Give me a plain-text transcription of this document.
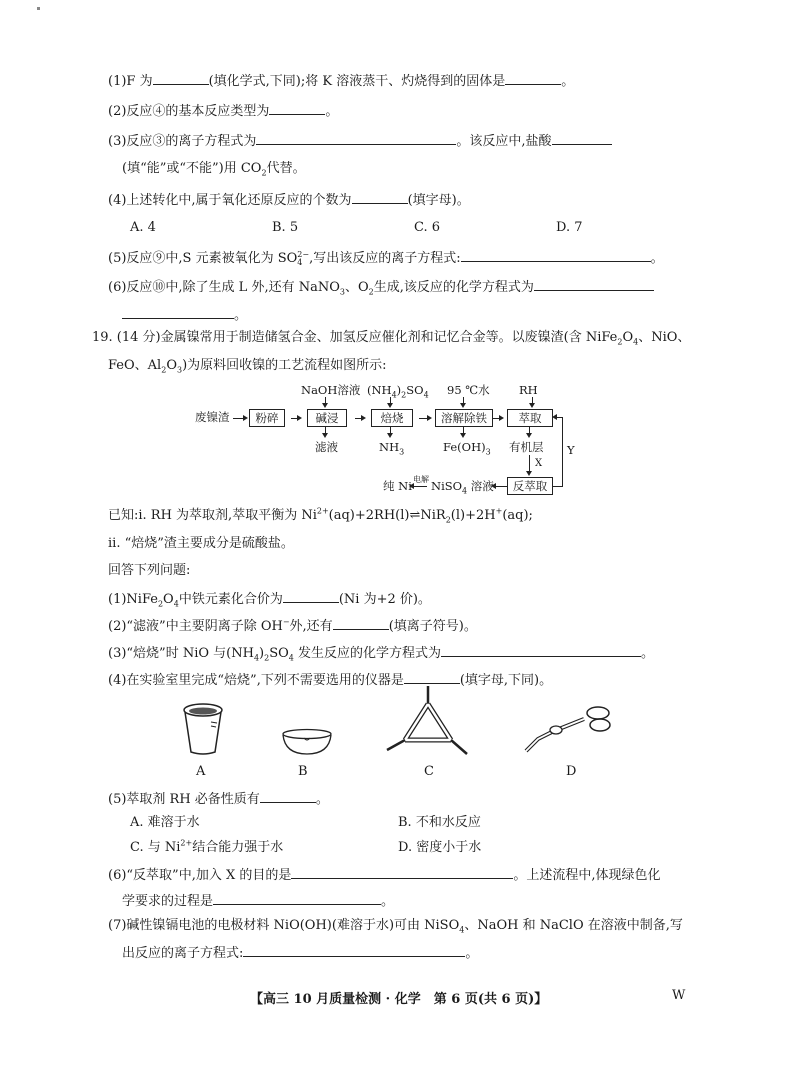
(1)F 为	(填化学式,下同);将 K 溶液蒸干、灼烧得到的固体是	。
(2)反应④的基本反应类型为	。
(3)反应③的离子方程式为	。该反应中,盐酸
(填“能”或“不能”)用 $CO_2$代替。
(4)上述转化中,属于氧化还原反应的个数为	(填字母)。
A. 4	B. 5	C. 6	D. 7
(5)反应⑨中,S 元素被氧化为 SO 2−
4 ,写出该反应的离子方程式:	。
(6)反应⑩中,除了生成 L 外,还有 NaNO$_3$、$O_2$生成,该反应的化学方程式为
。
19. (14 分)金属镍常用于制造储氢合金、加氢反应催化剂和记忆合金等。以废镍渣(含 $NiFe_2O_4$、NiO、
FeO、$Al_2O_3$)为原料回收镍的工艺流程如图所示:
NaOH溶液 $(NH_4)_2SO_4$ 95 ℃水	RH
废镍渣	粉碎	碱浸	焙烧	溶解除铁	萃取
滤液	$NH_3$	$Fe(OH)_3$ 有机层
X
反萃取
Y
NiSO$_4$ 溶液
电解
纯 Ni
已知:ⅰ. RH 为萃取剂,萃取平衡为 $Ni^{2+}(aq)+2RH(l)\rightleftharpoons NiR_2(l)+2H^+(aq)$;
ⅱ. “焙烧”渣主要成分是硫酸盐。
回答下列问题:
$(1)NiFe_2O_4$中铁元素化合价为	(Ni 为+2 价)。
(2)“滤液”中主要阴离子除 OH−外,还有	(填离子符号)。
(3)“焙烧”时 NiO 与$(NH_4)_2SO_4$ 发生反应的化学方程式为	。
(4)在实验室里完成“焙烧”,下列不需要选用的仪器是	(填字母,下同)。
A	B	C	D
(5)萃取剂 RH 必备性质有	。
A. 难溶于水	B. 不和水反应
C. 与 $Ni^{2+}$结合能力强于水	D. 密度小于水
(6)“反萃取”中,加入 X 的目的是	。上述流程中,体现绿色化
学要求的过程是	。
(7)碱性镍镉电池的电极材料 NiO(OH)(难溶于水)可由 NiSO$_4$、NaOH 和 NaClO 在溶液中制备,写
出反应的离子方程式:	。
【高三 10 月质量检测 · 化学　第 6 页(共 6 页)】	W
